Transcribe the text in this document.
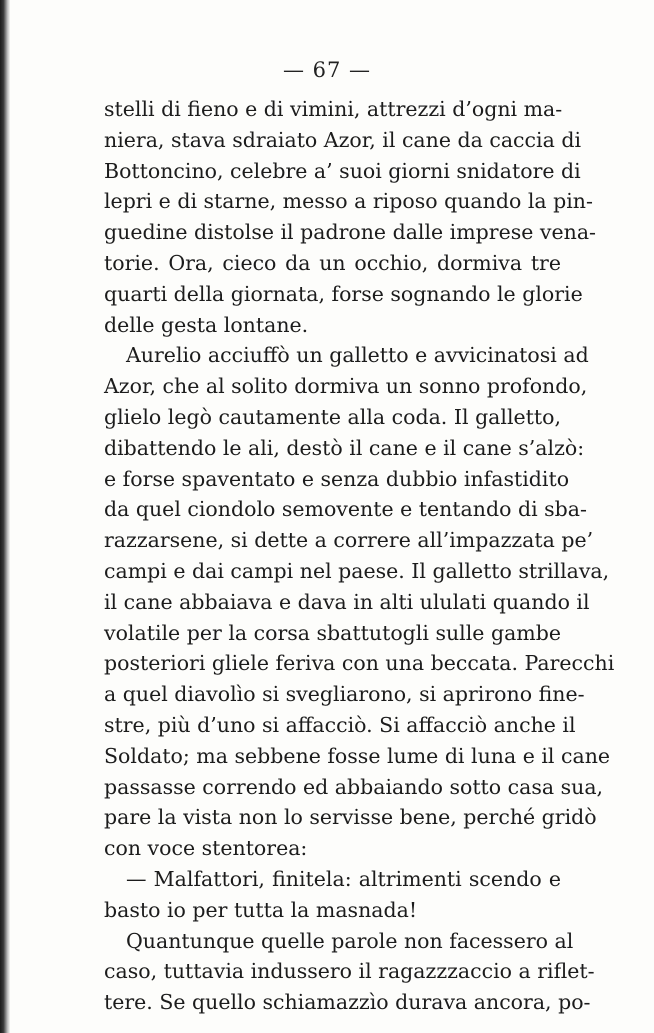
— 67 —
stelli di fieno e di vimini, attrezzi d’ogni ma-
niera, stava sdraiato Azor, il cane da caccia di
Bottoncino, celebre a’ suoi giorni snidatore di
lepri e di starne, messo a riposo quando la pin-
guedine distolse il padrone dalle imprese vena-
torie. Ora, cieco da un occhio, dormiva tre
quarti della giornata, forse sognando le glorie
delle gesta lontane.
Aurelio acciuffò un galletto e avvicinatosi ad
Azor, che al solito dormiva un sonno profondo,
glielo legò cautamente alla coda. Il galletto,
dibattendo le ali, destò il cane e il cane s’alzò:
e forse spaventato e senza dubbio infastidito
da quel ciondolo semovente e tentando di sba-
razzarsene, si dette a correre all’impazzata pe’
campi e dai campi nel paese. Il galletto strillava,
il cane abbaiava e dava in alti ululati quando il
volatile per la corsa sbattutogli sulle gambe
posteriori gliele feriva con una beccata. Parecchi
a quel diavolìo si svegliarono, si aprirono fine-
stre, più d’uno si affacciò. Si affacciò anche il
Soldato; ma sebbene fosse lume di luna e il cane
passasse correndo ed abbaiando sotto casa sua,
pare la vista non lo servisse bene, perché gridò
con voce stentorea:
— Malfattori, finitela: altrimenti scendo e
basto io per tutta la masnada!
Quantunque quelle parole non facessero al
caso, tuttavia indussero il ragazzzaccio a riflet-
tere. Se quello schiamazzìo durava ancora, po-
